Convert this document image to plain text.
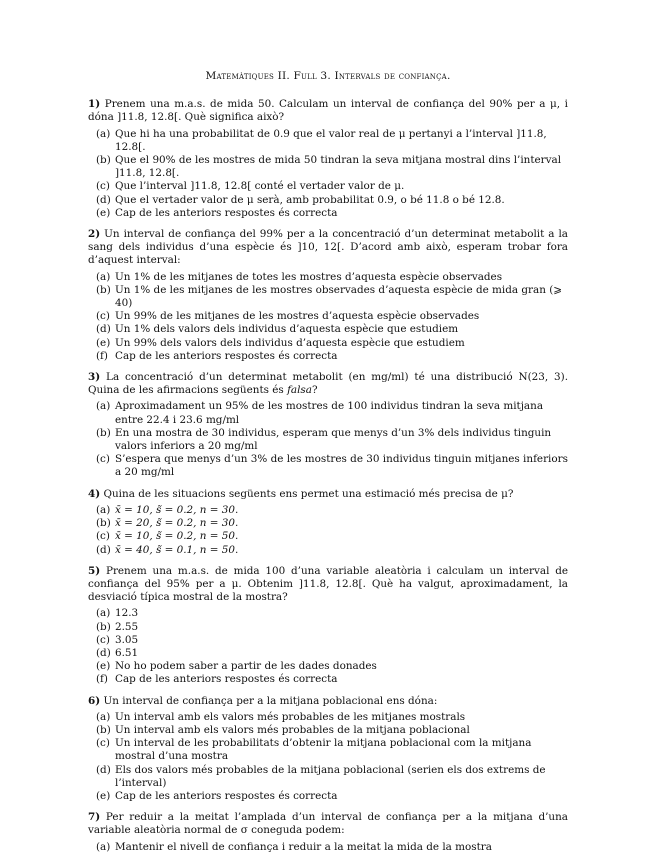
Matemàtiques II. Full 3. Intervals de confiança.
1) Prenem una m.a.s. de mida 50. Calculam un interval de confiança del 90% per a μ, i dóna ]11.8, 12.8[. Què significa això?
(a) Que hi ha una probabilitat de 0.9 que el valor real de μ pertanyi a l’interval ]11.8, 12.8[.
(b) Que el 90% de les mostres de mida 50 tindran la seva mitjana mostral dins l’interval ]11.8, 12.8[.
(c) Que l’interval ]11.8, 12.8[ conté el vertader valor de μ.
(d) Que el vertader valor de μ serà, amb probabilitat 0.9, o bé 11.8 o bé 12.8.
(e) Cap de les anteriors respostes és correcta
2) Un interval de confiança del 99% per a la concentració d’un determinat metabolit a la sang dels individus d’una espècie és ]10, 12[. D’acord amb això, esperam trobar fora d’aquest interval:
(a) Un 1% de les mitjanes de totes les mostres d’aquesta espècie observades
(b) Un 1% de les mitjanes de les mostres observades d’aquesta espècie de mida gran (⩾ 40)
(c) Un 99% de les mitjanes de les mostres d’aquesta espècie observades
(d) Un 1% dels valors dels individus d’aquesta espècie que estudiem
(e) Un 99% dels valors dels individus d’aquesta espècie que estudiem
(f) Cap de les anteriors respostes és correcta
3) La concentració d’un determinat metabolit (en mg/ml) té una distribució N(23, 3). Quina de les afirmacions següents és falsa?
(a) Aproximadament un 95% de les mostres de 100 individus tindran la seva mitjana entre 22.4 i 23.6 mg/ml
(b) En una mostra de 30 individus, esperam que menys d’un 3% dels individus tinguin valors inferiors a 20 mg/ml
(c) S’espera que menys d’un 3% de les mostres de 30 individus tinguin mitjanes inferiors a 20 mg/ml
4) Quina de les situacions següents ens permet una estimació més precisa de μ?
(a) x̄ = 10, s̃ = 0.2, n = 30.
(b) x̄ = 20, s̃ = 0.2, n = 30.
(c) x̄ = 10, s̃ = 0.2, n = 50.
(d) x̄ = 40, s̃ = 0.1, n = 50.
5) Prenem una m.a.s. de mida 100 d’una variable aleatòria i calculam un interval de confiança del 95% per a μ. Obtenim ]11.8, 12.8[. Què ha valgut, aproximadament, la desviació típica mostral de la mostra?
(a) 12.3
(b) 2.55
(c) 3.05
(d) 6.51
(e) No ho podem saber a partir de les dades donades
(f) Cap de les anteriors respostes és correcta
6) Un interval de confiança per a la mitjana poblacional ens dóna:
(a) Un interval amb els valors més probables de les mitjanes mostrals
(b) Un interval amb els valors més probables de la mitjana poblacional
(c) Un interval de les probabilitats d’obtenir la mitjana poblacional com la mitjana mostral d’una mostra
(d) Els dos valors més probables de la mitjana poblacional (serien els dos extrems de l’interval)
(e) Cap de les anteriors respostes és correcta
7) Per reduir a la meitat l’amplada d’un interval de confiança per a la mitjana d’una variable aleatòria normal de σ coneguda podem:
(a) Mantenir el nivell de confiança i reduir a la meitat la mida de la mostra
